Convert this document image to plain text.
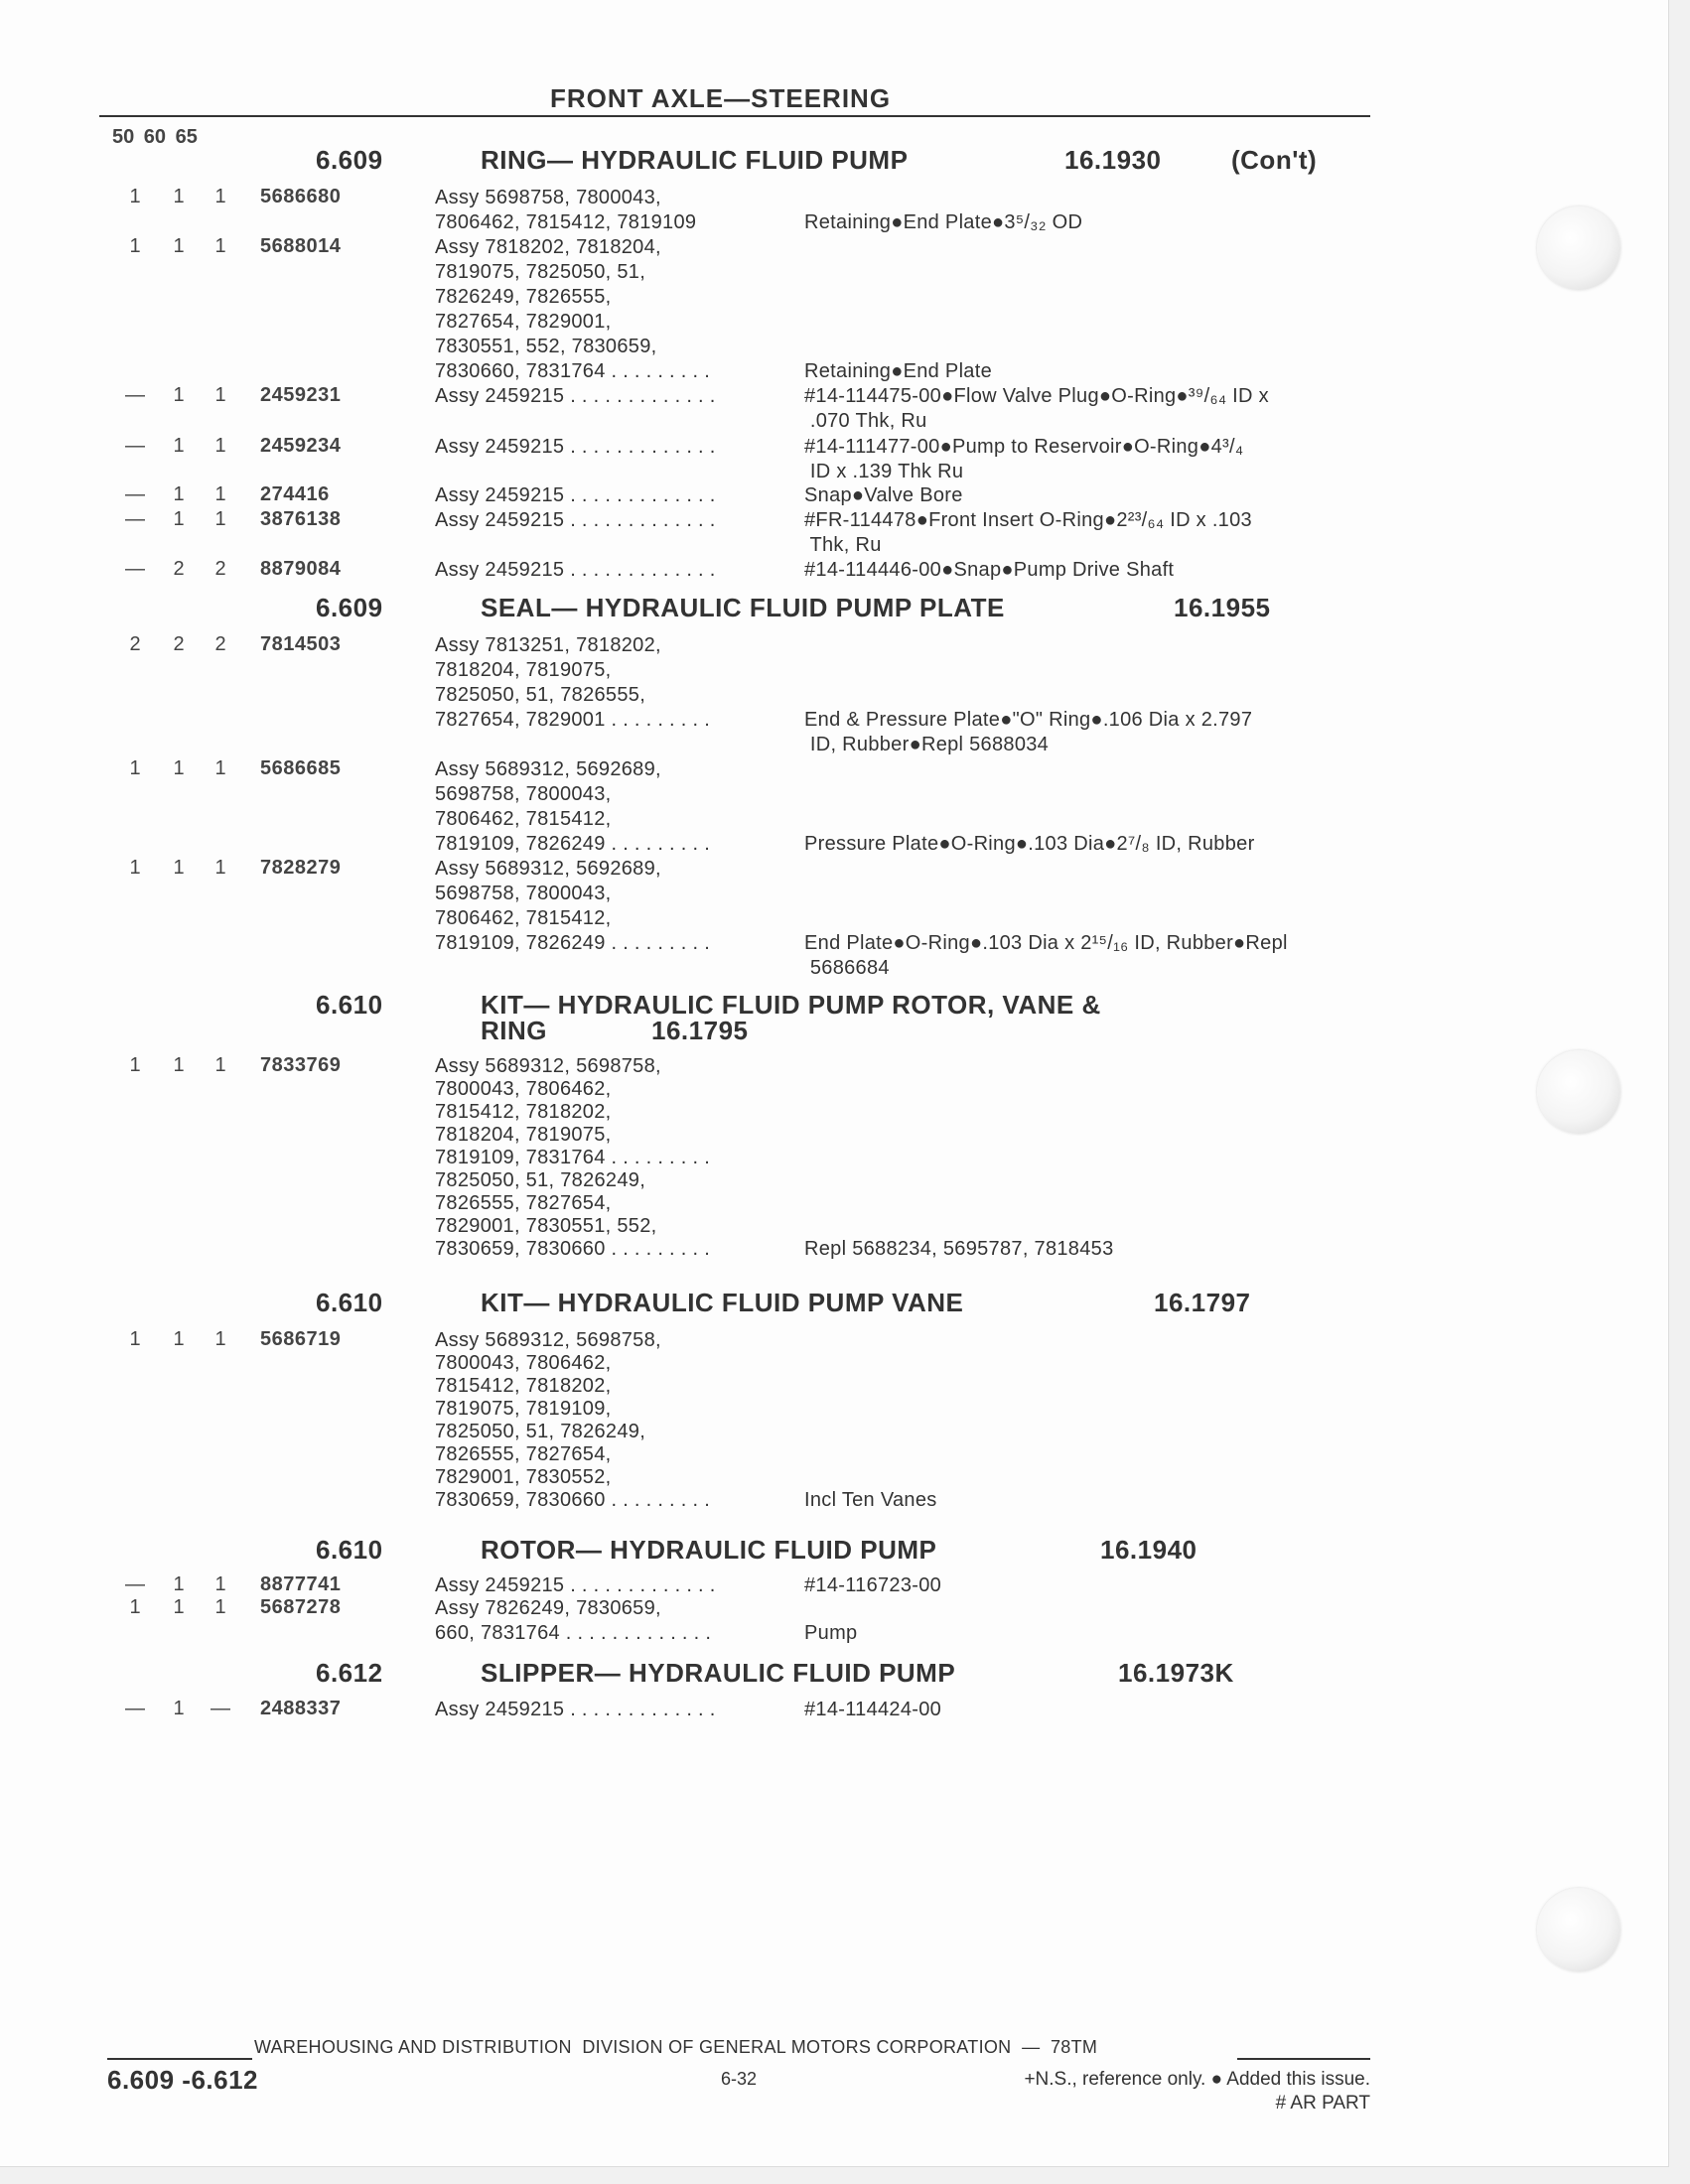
FRONT AXLE—STEERING
50 60 65
6.609	RING— HYDRAULIC FLUID PUMP	16.1930	(Con't)
1	1	1	5686680	Assy 5698758, 7800043,
7806462, 7815412, 7819109	Retaining●End Plate●3⁵/₃₂ OD
1	1	1	5688014	Assy 7818202, 7818204,
7819075, 7825050, 51,
7826249, 7826555,
7827654, 7829001,
7830551, 552, 7830659,
7830660, 7831764 . . . . . . . . .	Retaining●End Plate
—	1	1	2459231	Assy 2459215 . . . . . . . . . . . . .	#14-114475-00●Flow Valve Plug●O-Ring●³⁹/₆₄ ID x
.070 Thk, Ru
—	1	1	2459234	Assy 2459215 . . . . . . . . . . . . .	#14-111477-00●Pump to Reservoir●O-Ring●4³/₄
ID x .139 Thk Ru
—	1	1	274416	Assy 2459215 . . . . . . . . . . . . .	Snap●Valve Bore
—	1	1	3876138	Assy 2459215 . . . . . . . . . . . . .	#FR-114478●Front Insert O-Ring●2²³/₆₄ ID x .103
Thk, Ru
—	2	2	8879084	Assy 2459215 . . . . . . . . . . . . .	#14-114446-00●Snap●Pump Drive Shaft
6.609	SEAL— HYDRAULIC FLUID PUMP PLATE	16.1955
2	2	2	7814503	Assy 7813251, 7818202,
7818204, 7819075,
7825050, 51, 7826555,
7827654, 7829001 . . . . . . . . .	End & Pressure Plate●"O" Ring●.106 Dia x 2.797
ID, Rubber●Repl 5688034
1	1	1	5686685	Assy 5689312, 5692689,
5698758, 7800043,
7806462, 7815412,
7819109, 7826249 . . . . . . . . .	Pressure Plate●O-Ring●.103 Dia●2⁷/₈ ID, Rubber
1	1	1	7828279	Assy 5689312, 5692689,
5698758, 7800043,
7806462, 7815412,
7819109, 7826249 . . . . . . . . .	End Plate●O-Ring●.103 Dia x 2¹⁵/₁₆ ID, Rubber●Repl
5686684
6.610	KIT— HYDRAULIC FLUID PUMP ROTOR, VANE &
RING	16.1795
1	1	1	7833769	Assy 5689312, 5698758,
7800043, 7806462,
7815412, 7818202,
7818204, 7819075,
7819109, 7831764 . . . . . . . . .
7825050, 51, 7826249,
7826555, 7827654,
7829001, 7830551, 552,
7830659, 7830660 . . . . . . . . .	Repl 5688234, 5695787, 7818453
6.610	KIT— HYDRAULIC FLUID PUMP VANE	16.1797
1	1	1	5686719	Assy 5689312, 5698758,
7800043, 7806462,
7815412, 7818202,
7819075, 7819109,
7825050, 51, 7826249,
7826555, 7827654,
7829001, 7830552,
7830659, 7830660 . . . . . . . . .	Incl Ten Vanes
6.610	ROTOR— HYDRAULIC FLUID PUMP	16.1940
—	1	1	8877741	Assy 2459215 . . . . . . . . . . . . .	#14-116723-00
1	1	1	5687278	Assy 7826249, 7830659,
660, 7831764 . . . . . . . . . . . . .	Pump
6.612	SLIPPER— HYDRAULIC FLUID PUMP	16.1973K
—	1	— 2488337	Assy 2459215 . . . . . . . . . . . . .	#14-114424-00
WAREHOUSING AND DISTRIBUTION  DIVISION OF GENERAL MOTORS CORPORATION  —  78TM
6.609 -6.612	6-32	+N.S., reference only. ● Added this issue.
# AR PART
